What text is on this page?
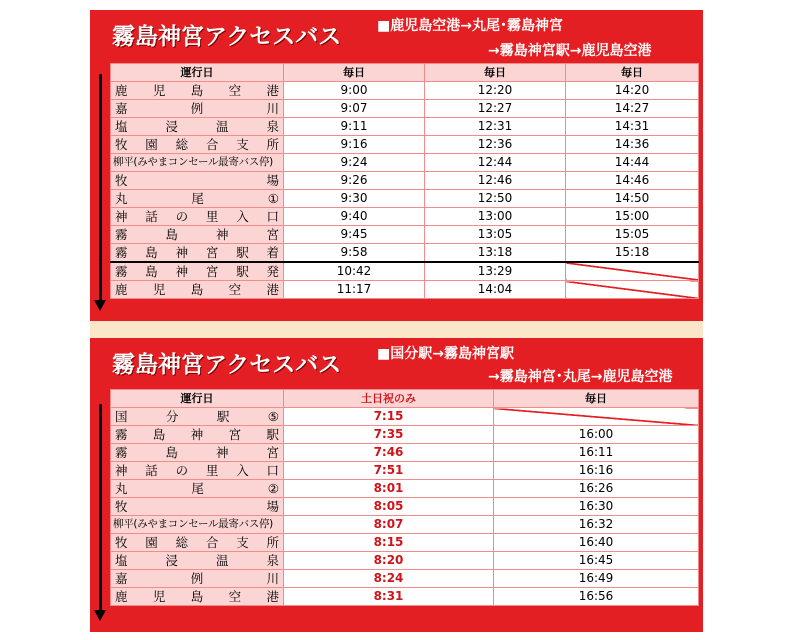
霧島神宮アクセスバス	■鹿児島空港→丸尾･霧島神宮
→霧島神宮駅→鹿児島空港
運行日	毎日	毎日	毎日
鹿児島空港	9:00	12:20	14:20
嘉例川	9:07	12:27	14:27
塩浸温泉	9:11	12:31	14:31
牧園総合支所	9:16	12:36	14:36
柳平(みやまコンセール最寄バス停)	9:24	12:44	14:44
牧場	9:26	12:46	14:46
丸尾①	9:30	12:50	14:50
神話の里入口	9:40	13:00	15:00
霧島神宮	9:45	13:05	15:05
霧島神宮駅着	9:58	13:18	15:18
霧島神宮駅発	10:42	13:29	
鹿児島空港	11:17	14:04	
霧島神宮アクセスバス	■国分駅→霧島神宮駅
→霧島神宮･丸尾→鹿児島空港
運行日	土日祝のみ	毎日
国分駅⑤	7:15	
霧島神宮駅	7:35	16:00
霧島神宮	7:46	16:11
神話の里入口	7:51	16:16
丸尾②	8:01	16:26
牧場	8:05	16:30
柳平(みやまコンセール最寄バス停)	8:07	16:32
牧園総合支所	8:15	16:40
塩浸温泉	8:20	16:45
嘉例川	8:24	16:49
鹿児島空港	8:31	16:56
